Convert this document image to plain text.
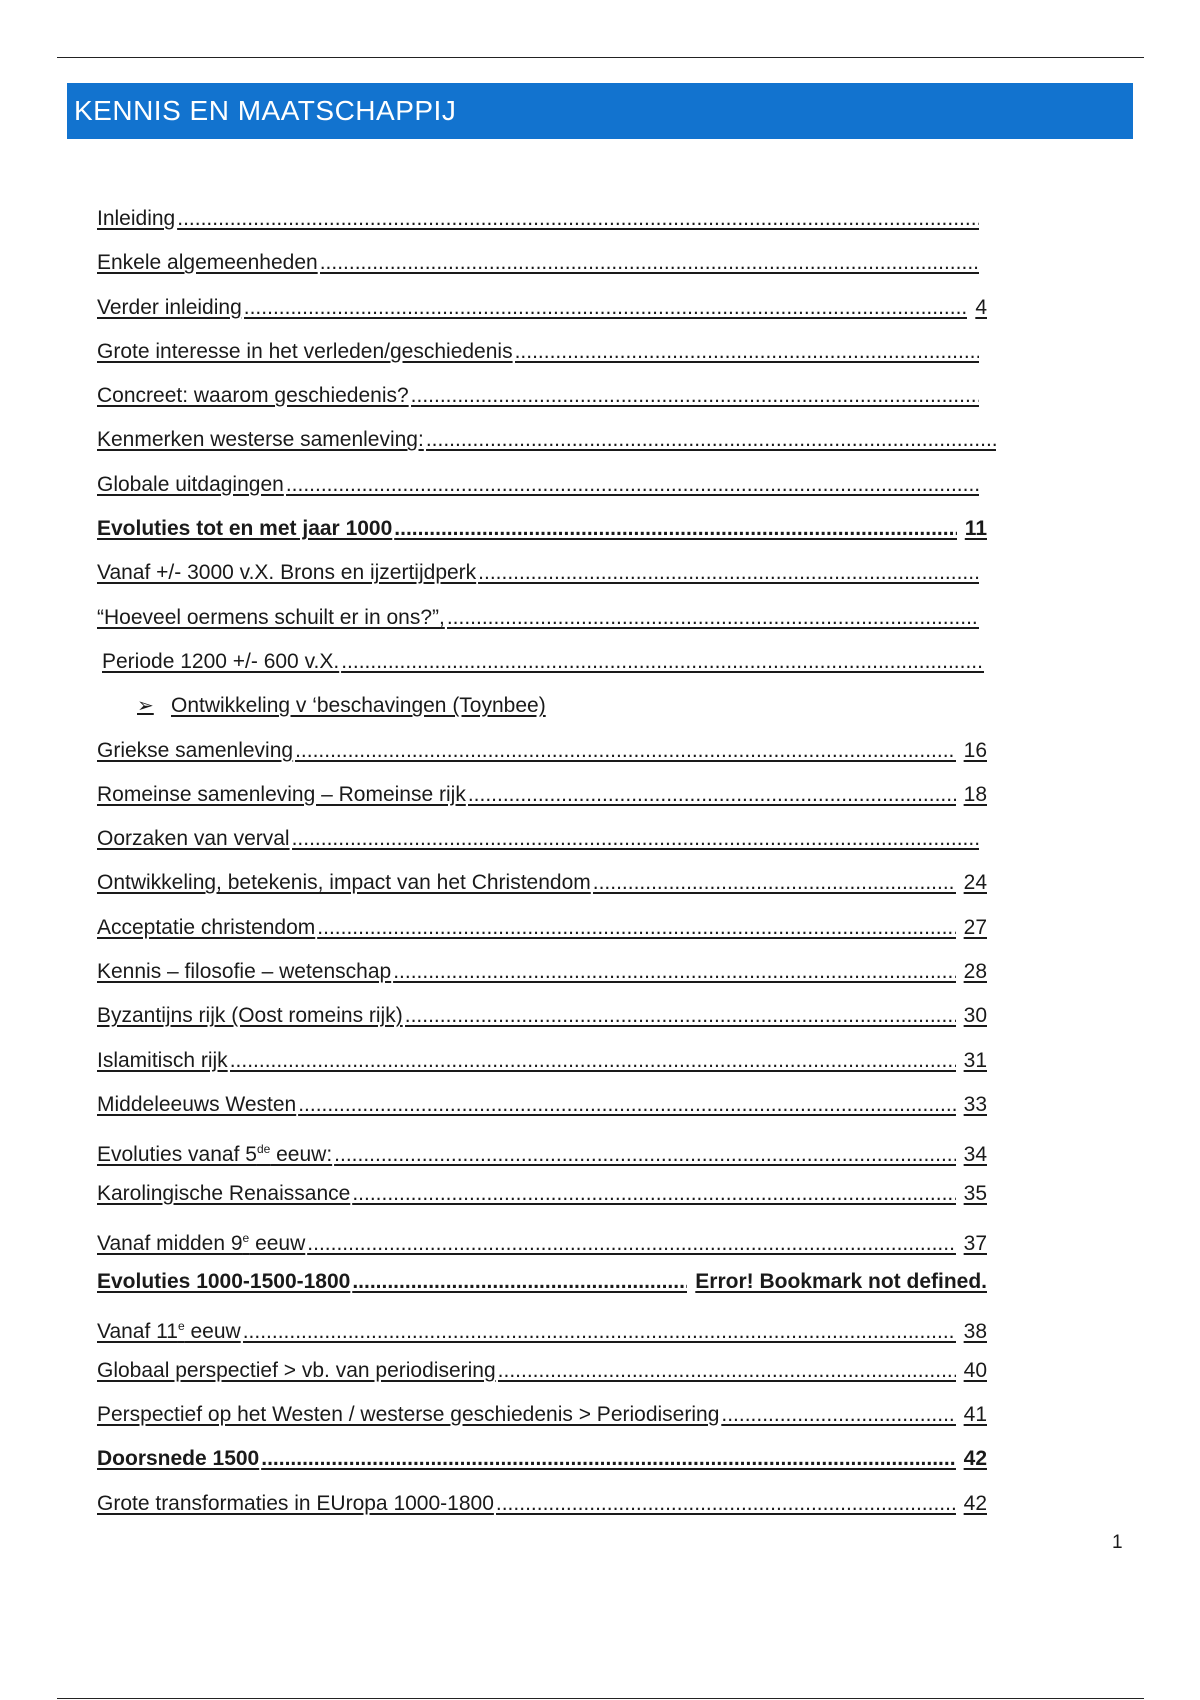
KENNIS EN MAATSCHAPPIJ
Inleiding
.....
Enkele algemeenheden
.....
Verder inleiding .....	4
Grote interesse in het verleden/geschiedenis
.....
Concreet: waarom geschiedenis?
.....
Kenmerken westerse samenleving:
.....
Globale uitdagingen
.....
Evoluties tot en met jaar 1000 .....	11
Vanaf +/- 3000 v.X. Brons en ijzertijdperk
.....
“Hoeveel oermens schuilt er in ons?”,
.....
Periode 1200 +/- 600 v.X.
.....
➢ Ontwikkeling v ‘beschavingen (Toynbee)
Griekse samenleving .....	16
Romeinse samenleving – Romeinse rijk .....	18
Oorzaken van verval
.....
Ontwikkeling, betekenis, impact van het Christendom .....	24
Acceptatie christendom .....	27
Kennis – filosofie – wetenschap .....	28
Byzantijns rijk (Oost romeins rijk) .....	30
Islamitisch rijk .....	31
Middeleeuws Westen .....	33
Evoluties vanaf 5de eeuw: .....	34
Karolingische Renaissance .....	35
Vanaf midden 9e eeuw .....	37
Evoluties 1000-1500-1800 .....	Error! Bookmark not defined.
Vanaf 11e eeuw .....	38
Globaal perspectief > vb. van periodisering .....	40
Perspectief op het Westen / westerse geschiedenis > Periodisering .....	41
Doorsnede 1500 .....	42
Grote transformaties in EUropa 1000-1800 .....	42
1
